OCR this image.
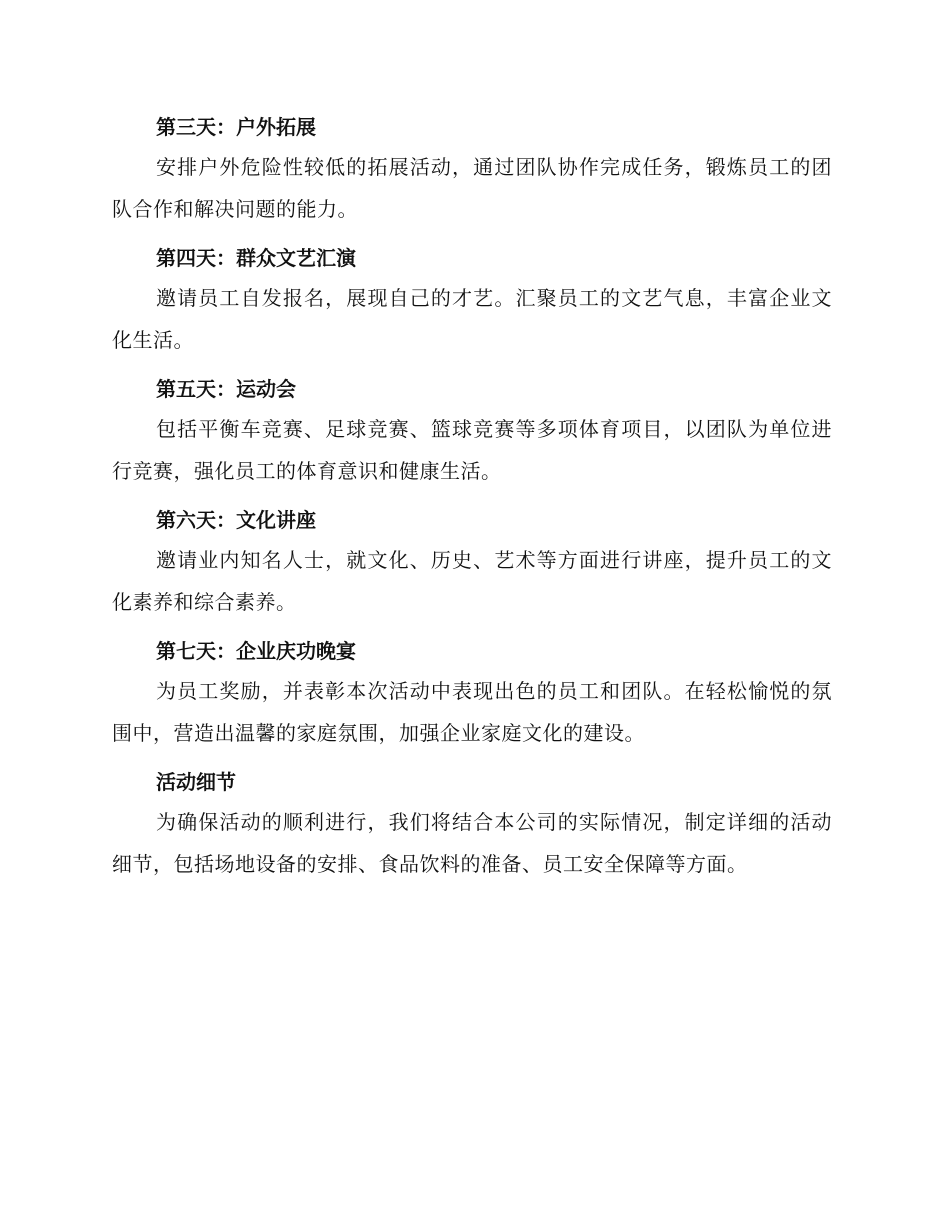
第三天：户外拓展

安排户外危险性较低的拓展活动，通过团队协作完成任务，锻炼员工的团队合作和解决问题的能力。

第四天：群众文艺汇演

邀请员工自发报名，展现自己的才艺。汇聚员工的文艺气息，丰富企业文化生活。

第五天：运动会

包括平衡车竞赛、足球竞赛、篮球竞赛等多项体育项目，以团队为单位进行竞赛，强化员工的体育意识和健康生活。

第六天：文化讲座

邀请业内知名人士，就文化、历史、艺术等方面进行讲座，提升员工的文化素养和综合素养。

第七天：企业庆功晚宴

为员工奖励，并表彰本次活动中表现出色的员工和团队。在轻松愉悦的氛围中，营造出温馨的家庭氛围，加强企业家庭文化的建设。

活动细节

为确保活动的顺利进行，我们将结合本公司的实际情况，制定详细的活动细节，包括场地设备的安排、食品饮料的准备、员工安全保障等方面。
